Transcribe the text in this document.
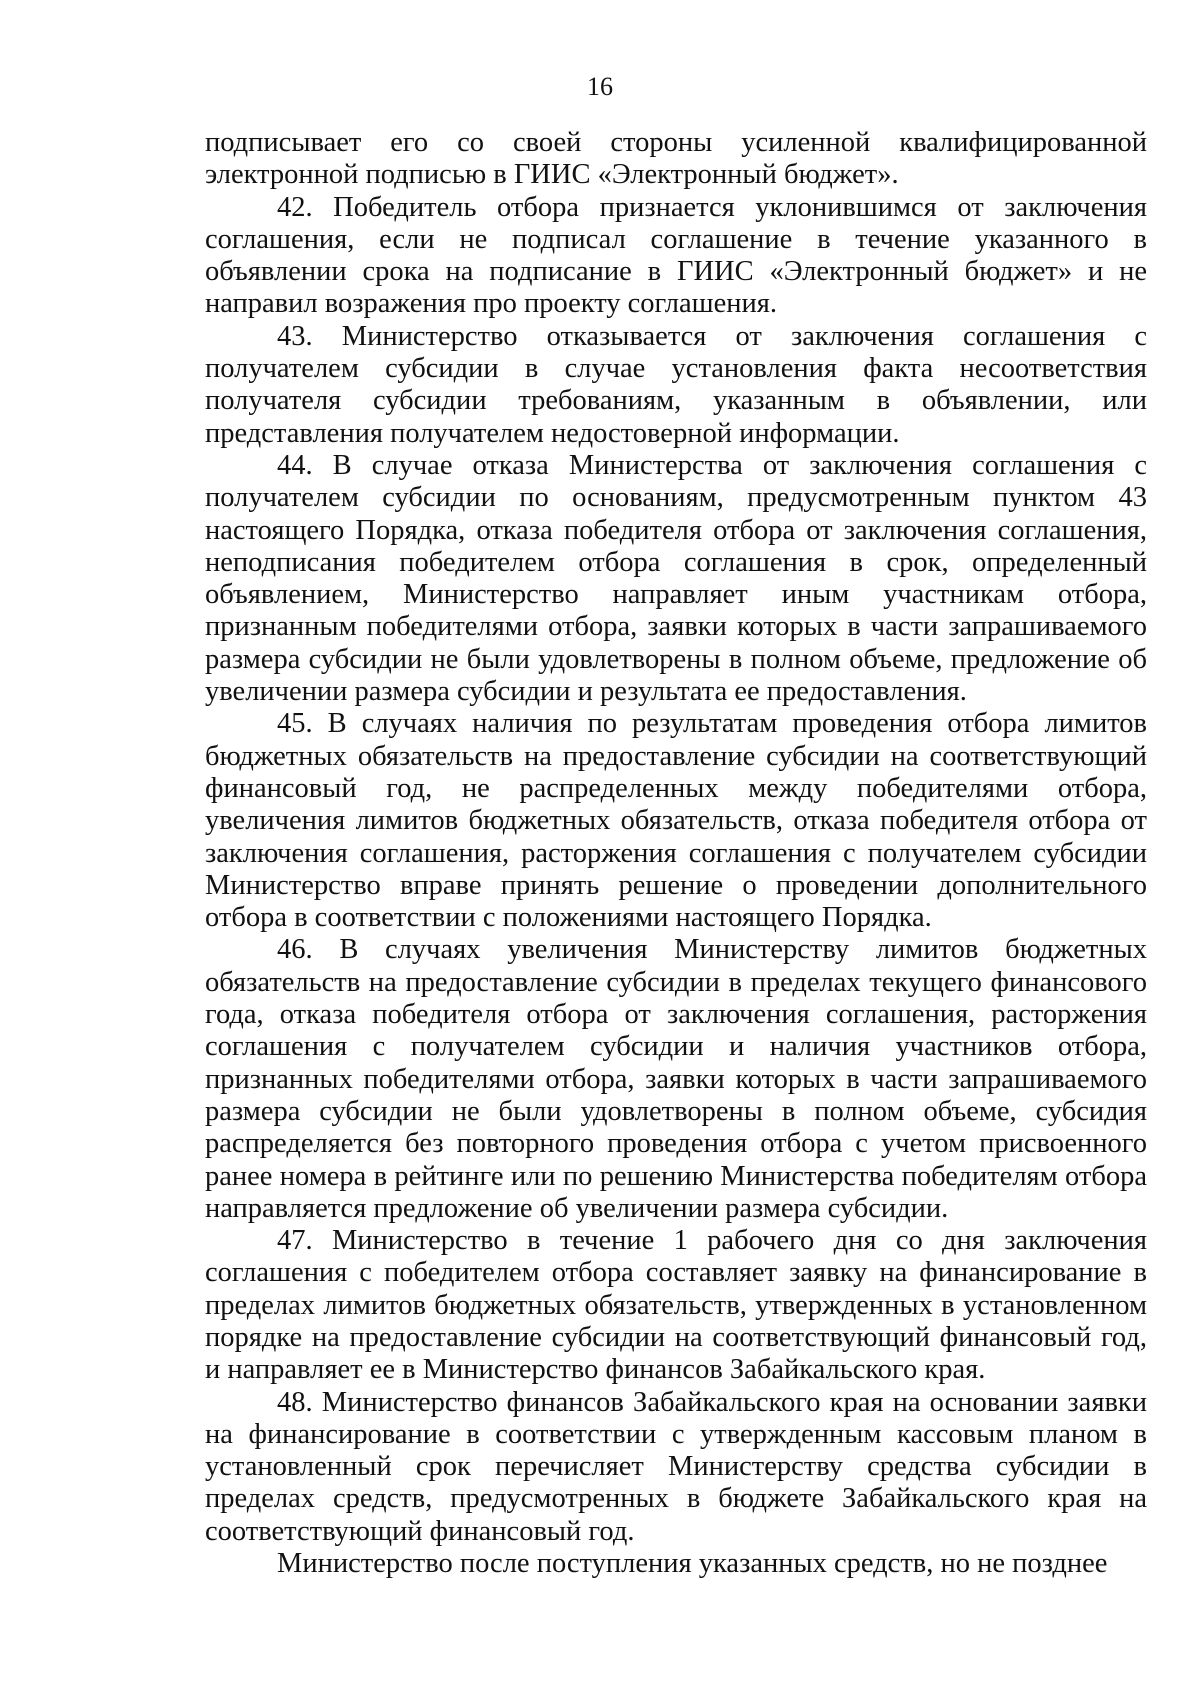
16

подписывает его со своей стороны усиленной квалифицированной электронной подписью в ГИИС «Электронный бюджет».

42. Победитель отбора признается уклонившимся от заключения соглашения, если не подписал соглашение в течение указанного в объявлении срока на подписание в ГИИС «Электронный бюджет» и не направил возражения про проекту соглашения.

43. Министерство отказывается от заключения соглашения с получателем субсидии в случае установления факта несоответствия получателя субсидии требованиям, указанным в объявлении, или представления получателем недостоверной информации.

44. В случае отказа Министерства от заключения соглашения с получателем субсидии по основаниям, предусмотренным пунктом 43 настоящего Порядка, отказа победителя отбора от заключения соглашения, неподписания победителем отбора соглашения в срок, определенный объявлением, Министерство направляет иным участникам отбора, признанным победителями отбора, заявки которых в части запрашиваемого размера субсидии не были удовлетворены в полном объеме, предложение об увеличении размера субсидии и результата ее предоставления.

45. В случаях наличия по результатам проведения отбора лимитов бюджетных обязательств на предоставление субсидии на соответствующий финансовый год, не распределенных между победителями отбора, увеличения лимитов бюджетных обязательств, отказа победителя отбора от заключения соглашения, расторжения соглашения с получателем субсидии Министерство вправе принять решение о проведении дополнительного отбора в соответствии с положениями настоящего Порядка.

46. В случаях увеличения Министерству лимитов бюджетных обязательств на предоставление субсидии в пределах текущего финансового года, отказа победителя отбора от заключения соглашения, расторжения соглашения с получателем субсидии и наличия участников отбора, признанных победителями отбора, заявки которых в части запрашиваемого размера субсидии не были удовлетворены в полном объеме, субсидия распределяется без повторного проведения отбора с учетом присвоенного ранее номера в рейтинге или по решению Министерства победителям отбора направляется предложение об увеличении размера субсидии.

47. Министерство в течение 1 рабочего дня со дня заключения соглашения с победителем отбора составляет заявку на финансирование в пределах лимитов бюджетных обязательств, утвержденных в установленном порядке на предоставление субсидии на соответствующий финансовый год, и направляет ее в Министерство финансов Забайкальского края.

48. Министерство финансов Забайкальского края на основании заявки на финансирование в соответствии с утвержденным кассовым планом в установленный срок перечисляет Министерству средства субсидии в пределах средств, предусмотренных в бюджете Забайкальского края на соответствующий финансовый год.

Министерство после поступления указанных средств, но не позднее
